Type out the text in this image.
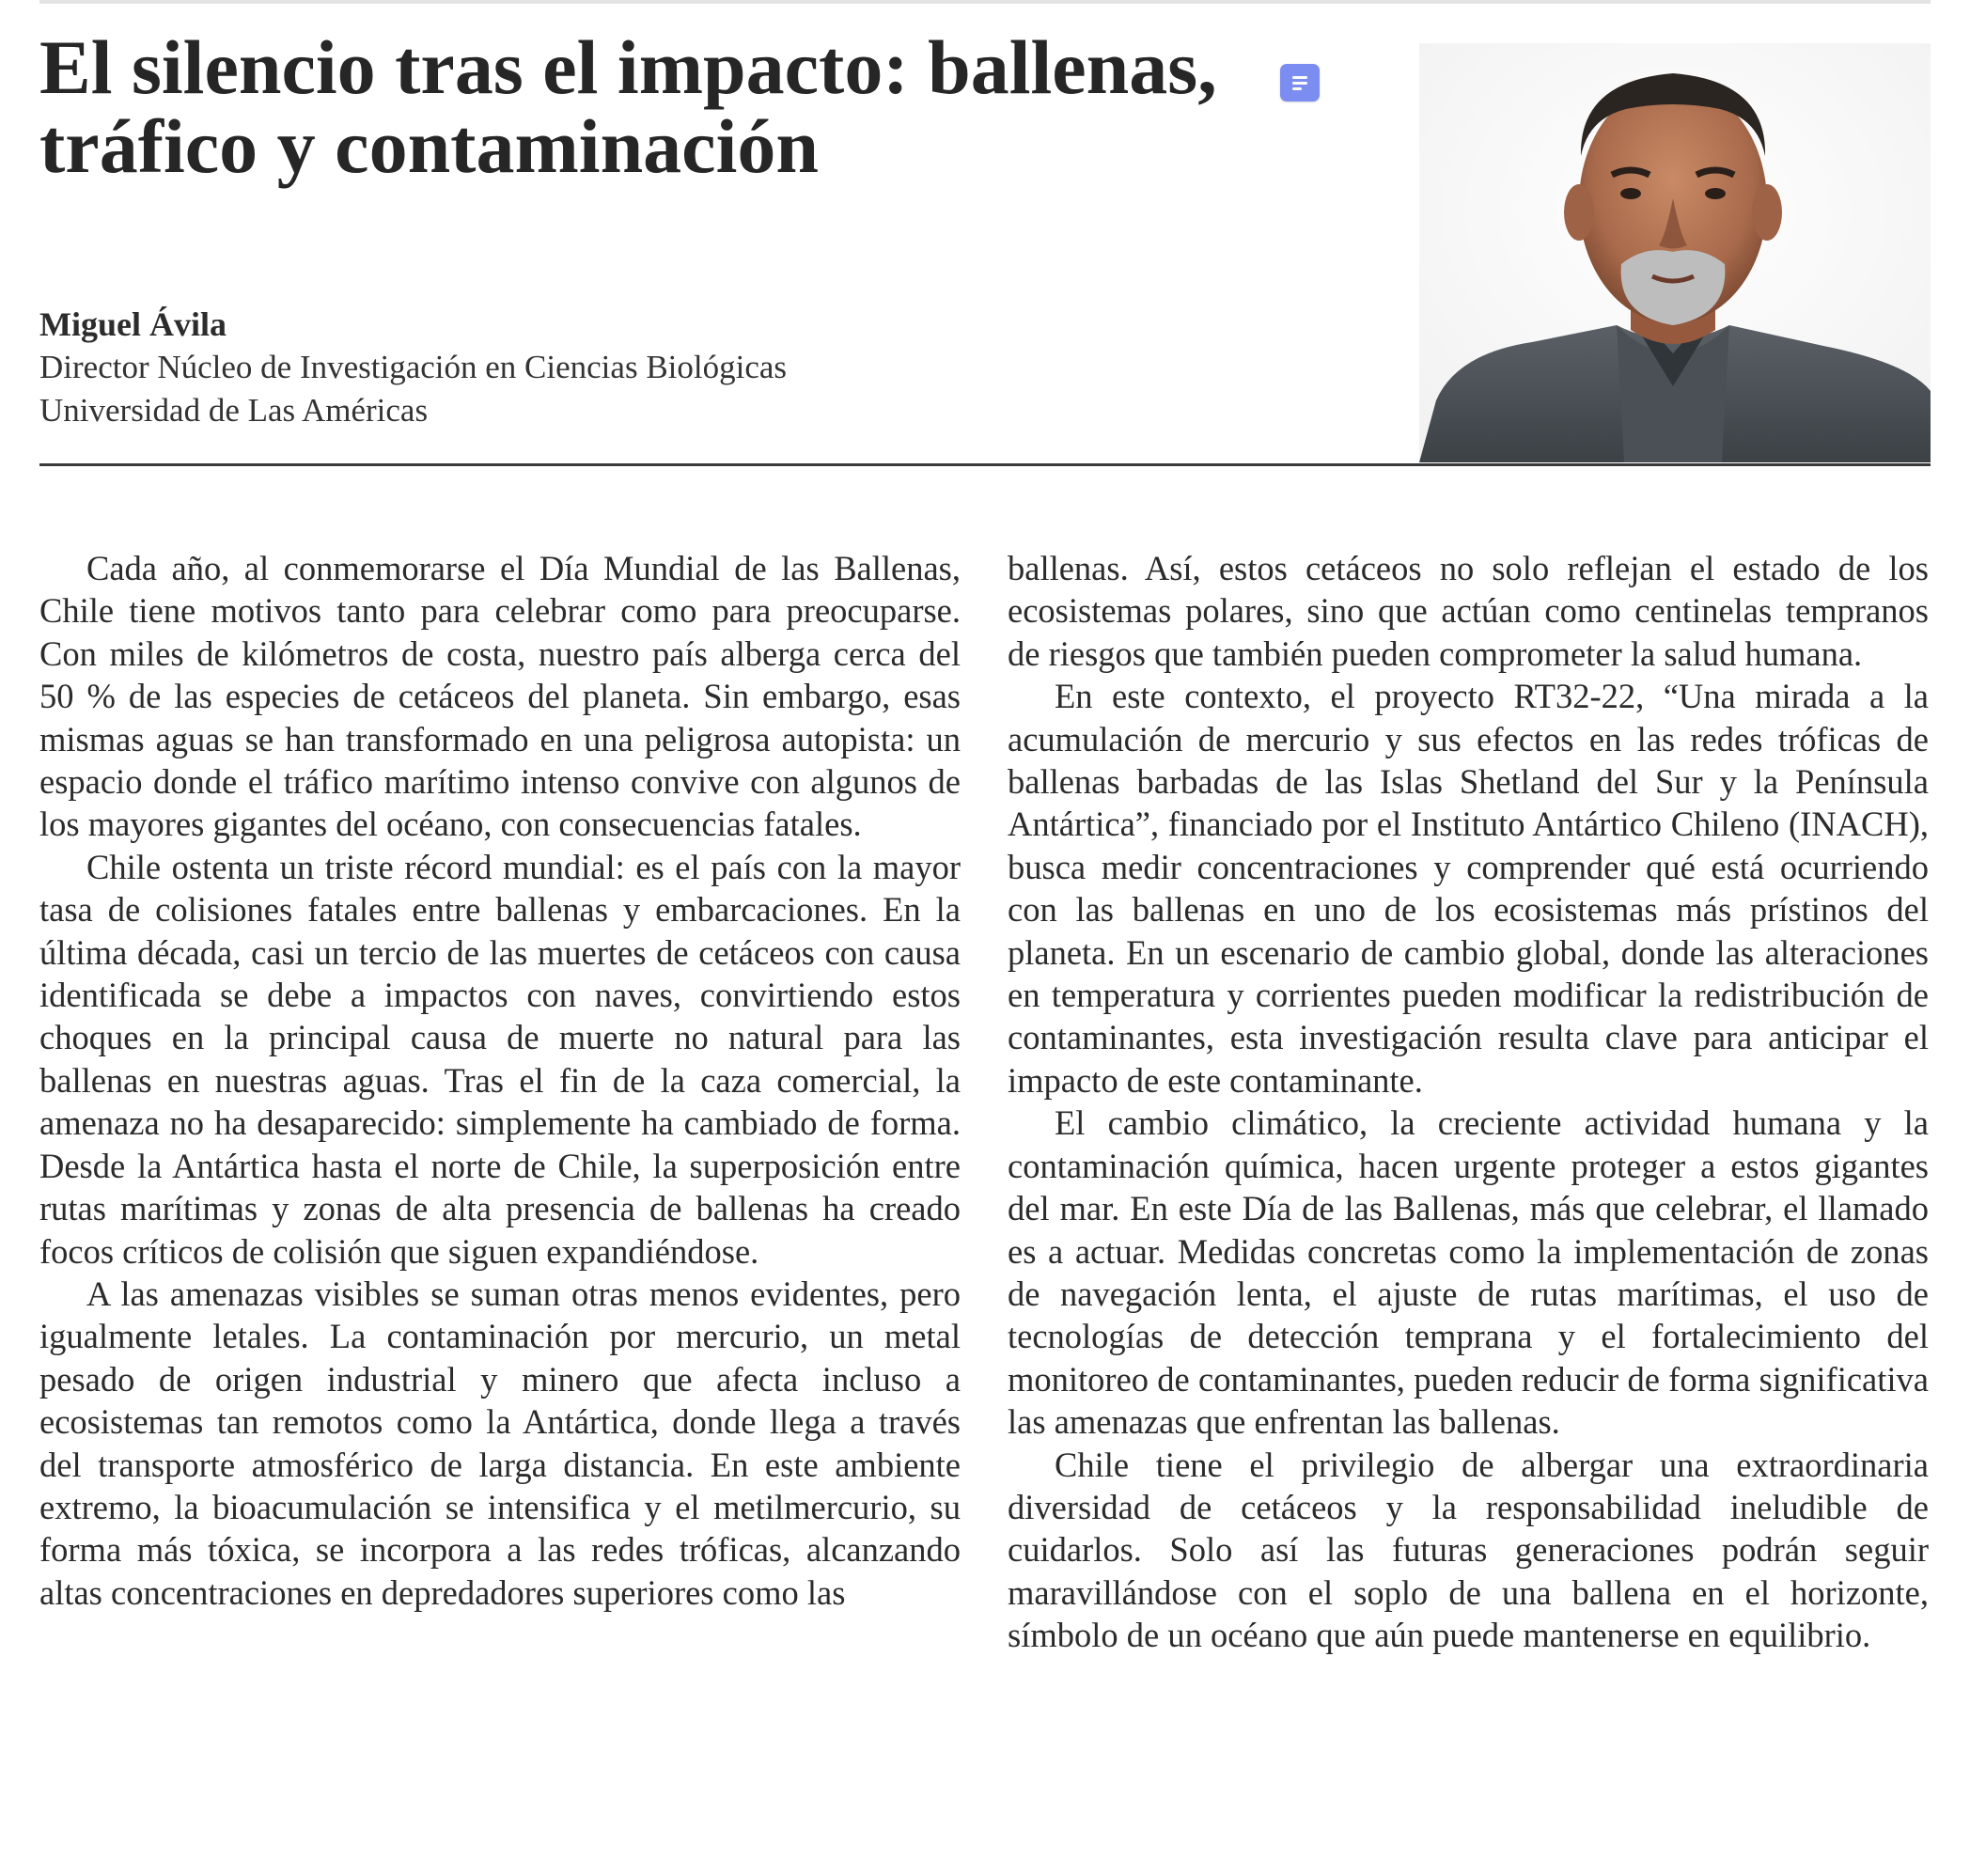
El silencio tras el impacto: ballenas,
tráfico y contaminación
Miguel Ávila
Director Núcleo de Investigación en Ciencias Biológicas
Universidad de Las Américas

Cada año, al conmemorarse el Día Mundial de las Ballenas, Chile tiene motivos tanto para celebrar como para preocuparse. Con miles de kilómetros de costa, nuestro país alberga cerca del 50 % de las especies de cetáceos del planeta. Sin embargo, esas mismas aguas se han transformado en una peligrosa autopista: un espacio donde el tráfico marítimo intenso convive con algunos de los mayores gigantes del océano, con consecuencias fatales.

Chile ostenta un triste récord mundial: es el país con la mayor tasa de colisiones fatales entre ballenas y embarcaciones. En la última década, casi un tercio de las muertes de cetáceos con causa identificada se debe a impactos con naves, convirtiendo estos choques en la principal causa de muerte no natural para las ballenas en nuestras aguas. Tras el fin de la caza comercial, la amenaza no ha desaparecido: simplemente ha cambiado de forma. Desde la Antártica hasta el norte de Chile, la superposición entre rutas marítimas y zonas de alta presencia de ballenas ha creado focos críticos de colisión que siguen expandiéndose.

A las amenazas visibles se suman otras menos evidentes, pero igualmente letales. La contaminación por mercurio, un metal pesado de origen industrial y minero que afecta incluso a ecosistemas tan remotos como la Antártica, donde llega a través del transporte atmosférico de larga distancia. En este ambiente extremo, la bioacumulación se intensifica y el metilmercurio, su forma más tóxica, se incorpora a las redes tróficas, alcanzando altas concentraciones en depredadores superiores como las

ballenas. Así, estos cetáceos no solo reflejan el estado de los ecosistemas polares, sino que actúan como centinelas tempranos de riesgos que también pueden comprometer la salud humana.

En este contexto, el proyecto RT32-22, “Una mirada a la acumulación de mercurio y sus efectos en las redes tróficas de ballenas barbadas de las Islas Shetland del Sur y la Península Antártica”, financiado por el Instituto Antártico Chileno (INACH), busca medir concentraciones y comprender qué está ocurriendo con las ballenas en uno de los ecosistemas más prístinos del planeta. En un escenario de cambio global, donde las alteraciones en temperatura y corrientes pueden modificar la redistribución de contaminantes, esta investigación resulta clave para anticipar el impacto de este contaminante.

El cambio climático, la creciente actividad humana y la contaminación química, hacen urgente proteger a estos gigantes del mar. En este Día de las Ballenas, más que celebrar, el llamado es a actuar. Medidas concretas como la implementación de zonas de navegación lenta, el ajuste de rutas marítimas, el uso de tecnologías de detección temprana y el fortalecimiento del monitoreo de contaminantes, pueden reducir de forma significativa las amenazas que enfrentan las ballenas.

Chile tiene el privilegio de albergar una extraordinaria diversidad de cetáceos y la responsabilidad ineludible de cuidarlos. Solo así las futuras generaciones podrán seguir maravillándose con el soplo de una ballena en el horizonte, símbolo de un océano que aún puede mantenerse en equilibrio.
